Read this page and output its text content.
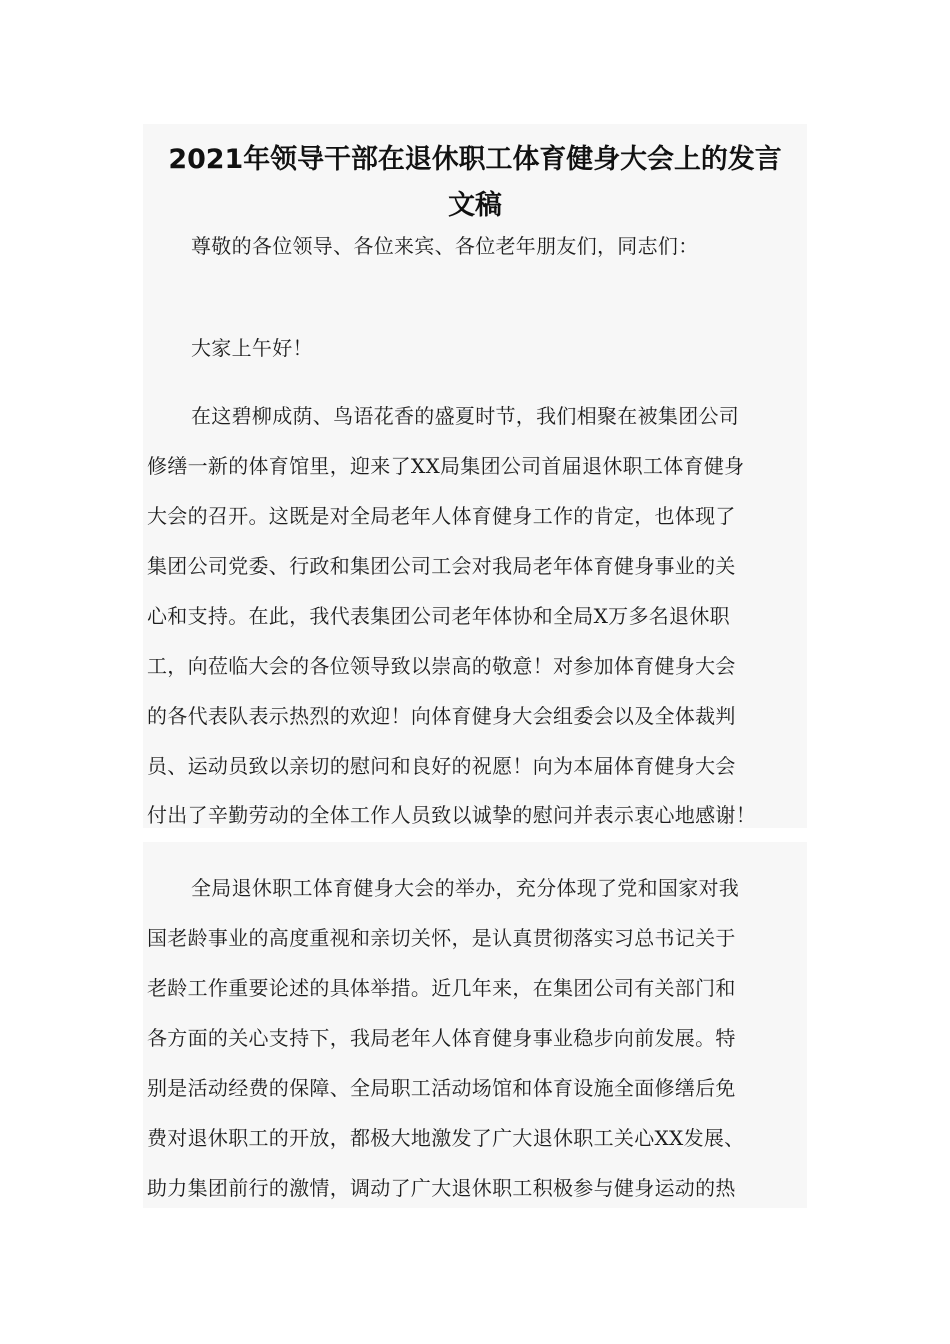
2021年领导干部在退休职工体育健身大会上的发言
文稿
尊敬的各位领导、各位来宾、各位老年朋友们，同志们：
大家上午好！
在这碧柳成荫、鸟语花香的盛夏时节，我们相聚在被集团公司
修缮一新的体育馆里，迎来了XX局集团公司首届退休职工体育健身
大会的召开。这既是对全局老年人体育健身工作的肯定，也体现了
集团公司党委、行政和集团公司工会对我局老年体育健身事业的关
心和支持。在此，我代表集团公司老年体协和全局X万多名退休职
工，向莅临大会的各位领导致以崇高的敬意！对参加体育健身大会
的各代表队表示热烈的欢迎！向体育健身大会组委会以及全体裁判
员、运动员致以亲切的慰问和良好的祝愿！向为本届体育健身大会
付出了辛勤劳动的全体工作人员致以诚挚的慰问并表示衷心地感谢！
全局退休职工体育健身大会的举办，充分体现了党和国家对我
国老龄事业的高度重视和亲切关怀，是认真贯彻落实习总书记关于
老龄工作重要论述的具体举措。近几年来，在集团公司有关部门和
各方面的关心支持下，我局老年人体育健身事业稳步向前发展。特
别是活动经费的保障、全局职工活动场馆和体育设施全面修缮后免
费对退休职工的开放，都极大地激发了广大退休职工关心XX发展、
助力集团前行的激情，调动了广大退休职工积极参与健身运动的热
